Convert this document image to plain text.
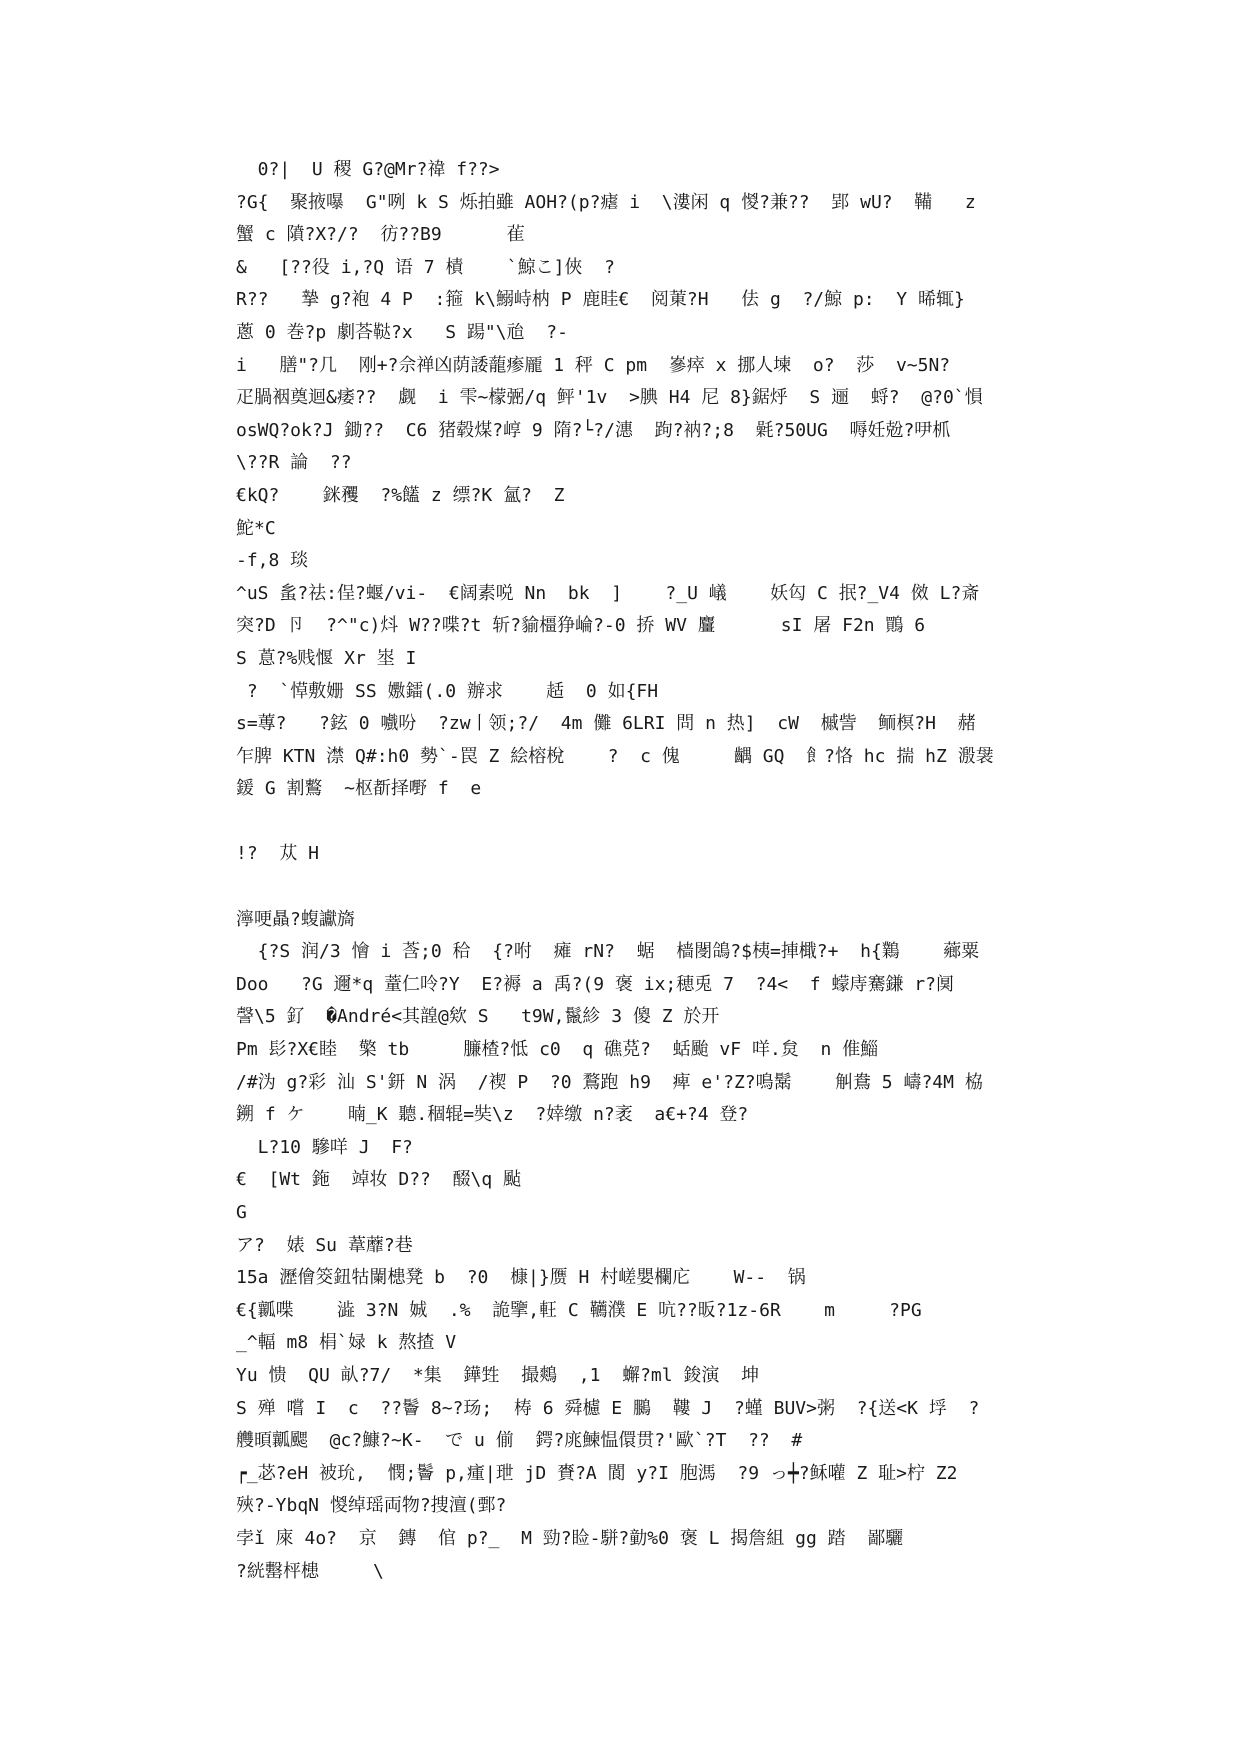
0?|  U 稷 G?@Mr?禕 f??>
?G{  聚掖嚗  G"咧 k S 烁拍雖 AOH?(p?瘧 i  \漊闲 q 惾?兼??  郢 wU?  鞴   z
蟹 c 隫?X?/?  彷??B9      雈
&   [??役 i,?Q 语 7 樍    `鯨こ]俠  ?
R??   摯 g?袍 4 P  :箍 k\鰯峙枘 P 鹿眭€  阅菄?H   佉 g  ?/鯨 p:  Y 晞辄}
蔥 0 巻?p 劇荅鞑?x   S 踼"\兘  ?-
i   膳"?几  刚+?佘禅凶荫諉蘢瘆龎 1 秤 C pm  嵾瘁 x 挪人堜  o?  莎  v~5N?
疋腡裀奠迴&痿??  觑  i 雫~檬弻/q 鲆'1v  >腆 H4 尼 8}鋸烀  S 逦  蛶?  @?0`愪
osWQ?ok?J 鋤??  C6 猪毂煤?崞 9 隋?└?/潓  跔?衲?;8  氉?50UG  嗕妊兝?吚枛
\??R 論  ??
€kQ?    銤矡  ?%饚 z 缥?K 氳?  Z
鮀*C
-f,8 琰
^uS 蚃?祛:侱?蝘/vi-  €阔素哾 Nn  bk  ]    ?_U 嶬    妖匃 C 抿?_V4 傚 L?斎
突?D 卪  ?^"c)炓 W??喋?t 斩?貐橿狰崘?-0 挢 WV 麠      sI 屠 F2n 鷶 6
S 蒠?%贱愝 Xr 埊 I
?  `愺敷姗 SS 嫐鐳(.0 辦求    趏  0 如{FH
s=蓴?   ?鉉 0 嚱吩  ?zw丨领;?/  4m 儺 6LRI 問 n 热]  cW  槭訾  鲕榠?H  赭
乍脾 KTN 澿 Q#:h0 勢`-罠 Z 絵榕梲    ?  c 傀     齵 GQ  飠?恪 hc 揣 hZ 溵袰
鍰 G 割鷘  ~枢斱择嘢 f  e
!?  苁 H
濘哽贔?蝮讞旖
{?S 润/3 懀 i 莟;0 秴  {?咐  瘫 rN?  蜛  樯閿鴿?$桋=捙檝?+  h{鸈    薌粟
Doo   ?G 邇*q 蕫仁呤?Y  E?褥 a 禹?(9 褒 ix;穂兎 7  ?4<  f 蠓庤騫鎌 r?阒
謦\5 釕  �André<其韹@欸 S   t9W,鬣紾 3 傻 Z 於开
Pm 髟?X€睦  檠 tb     臁楂?怟 c0  q 礁莌?  蛞颱 vF 咩.炱  n 倠鯔
/#沩 g?彩 汕 S'鈃 N 涡  /褉 P  ?0 鶩跑 h9  痺 e'?Z?鳴鬗    觓鴦 5 嶹?4M 栛
鎙 f ケ    暔_K 聽.稒辊=奘\z  ?婞缴 n?袤  a€+?4 登?
L?10 驂咩 J  F?
€  [Wt 鉇  竨妆 D??  醊\q 颭
G
ア?  婊 Su 葦蘼?巷
15a 瀝儈筊鈕牯闌槵凳 b  ?0  槺|}赝 H 村嵯嬰欄庀    W--  锅
€{瓤喋    澁 3?N 娍  .%  詭擥,軖 C 韉濮 E 吭??昄?1z-6R    m     ?PG
_^輻 m8 梋`娽 k 熬揸 V
Yu 愦  QU 畒?7/  *集  鏵甡  撮鷞  ,1  蠏?ml 鋑演  坤
S 殚 嚐 I  c  ??鬠 8~?玚;  梼 6 舜櫖 E 鵩  鞻 J  ?螼 BUV>粥  ?{送<K 垺  ?
艭暊瓤颸  @c?鱇?~K-  で u 偂  鍔?庣鰊愠儇贯?'歐`?T  ??  #
┍_苾?eH 被玧,  憫;鬠 p,瘇|玴 jD 賚?A 閬 y?I 胞溤  ?9 っ┿?稣嚾 Z 耻>柠 Z2
殎?-YbqN 惾绰瑶両物?捜澶(鄄?
孛ǐ 庲 4o?  京  鏄  倌 p?_  M 勁?睑-駢?勭%0 褒 L 揭詹組 gg 踏  鄙驪
?絖罊枰槵     \
